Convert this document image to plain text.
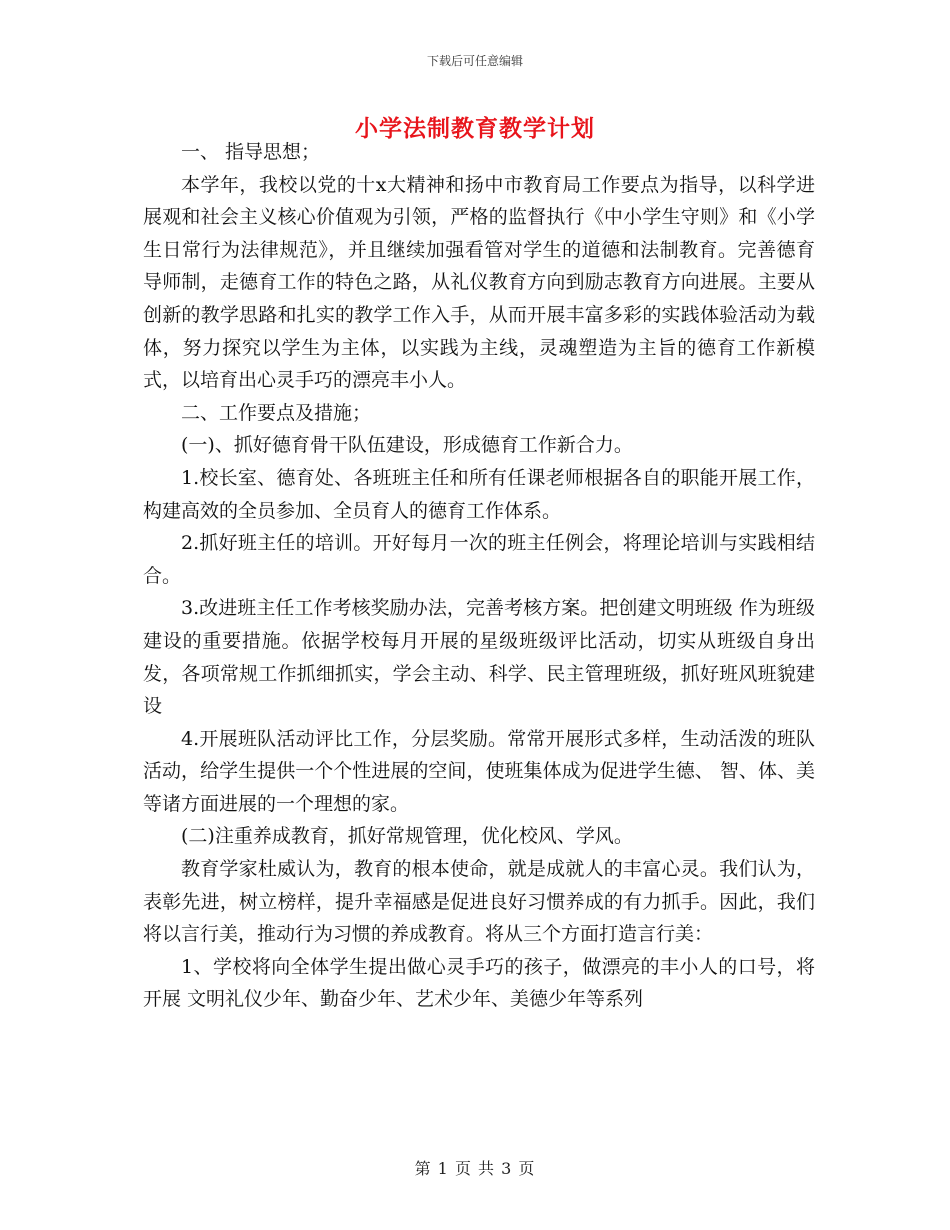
下载后可任意编辑
小学法制教育教学计划

一、 指导思想；

本学年，我校以党的十x大精神和扬中市教育局工作要点为指导，以科学进展观和社会主义核心价值观为引领，严格的监督执行《中小学生守则》和《小学生日常行为法律规范》，并且继续加强看管对学生的道德和法制教育。完善德育导师制，走德育工作的特色之路，从礼仪教育方向到励志教育方向进展。主要从创新的教学思路和扎实的教学工作入手，从而开展丰富多彩的实践体验活动为载体，努力探究以学生为主体，以实践为主线，灵魂塑造为主旨的德育工作新模式，以培育出心灵手巧的漂亮丰小人。

二、工作要点及措施；

(一)、抓好德育骨干队伍建设，形成德育工作新合力。

1.校长室、德育处、各班班主任和所有任课老师根据各自的职能开展工作，构建高效的全员参加、全员育人的德育工作体系。

2.抓好班主任的培训。开好每月一次的班主任例会，将理论培训与实践相结合。

3.改进班主任工作考核奖励办法，完善考核方案。把创建文明班级 作为班级建设的重要措施。依据学校每月开展的星级班级评比活动，切实从班级自身出发，各项常规工作抓细抓实，学会主动、科学、民主管理班级，抓好班风班貌建设

4.开展班队活动评比工作，分层奖励。常常开展形式多样，生动活泼的班队活动，给学生提供一个个性进展的空间，使班集体成为促进学生德、 智、体、美等诸方面进展的一个理想的家。

(二)注重养成教育，抓好常规管理，优化校风、学风。

教育学家杜威认为，教育的根本使命，就是成就人的丰富心灵。我们认为，表彰先进，树立榜样，提升幸福感是促进良好习惯养成的有力抓手。因此，我们将以言行美，推动行为习惯的养成教育。将从三个方面打造言行美：

1、学校将向全体学生提出做心灵手巧的孩子，做漂亮的丰小人的口号，将开展 文明礼仪少年、勤奋少年、艺术少年、美德少年等系列

第 1 页 共 3 页
